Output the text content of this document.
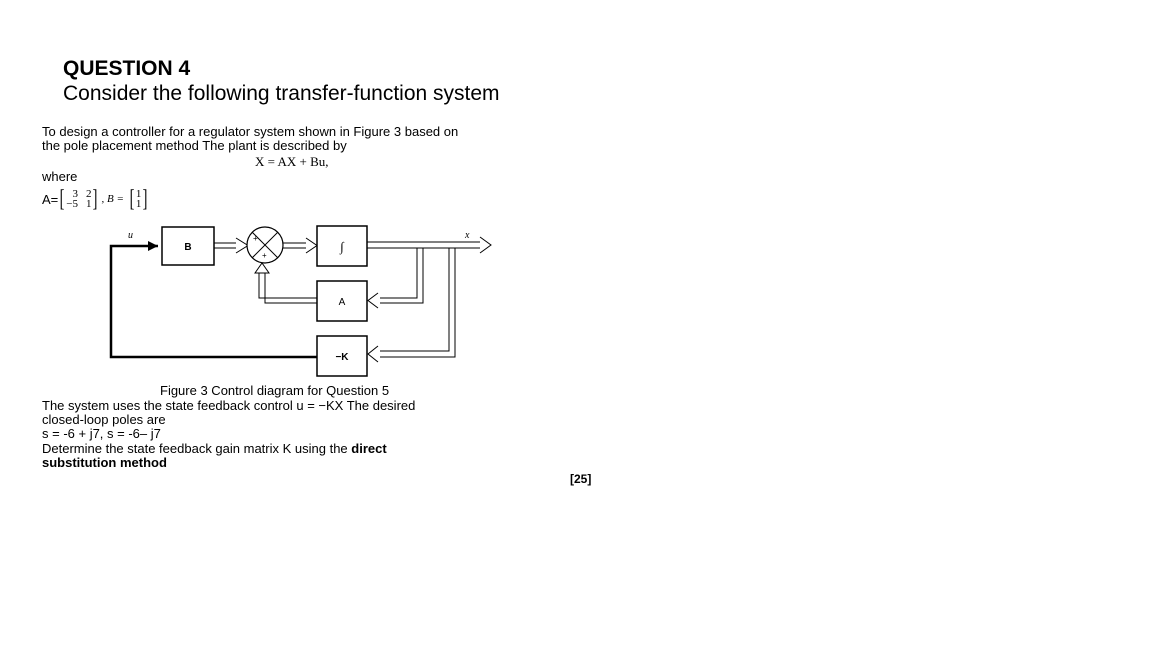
QUESTION 4
Consider the following transfer-function system
To design a controller for a regulator system shown in Figure 3 based on
the pole placement method The plant is described by
X = AX + Bu,
where
A= [ 3 2
−5 1 ] , B = [ 1
1 ]
u
B
+
+
∫
x
A
−K
Figure 3 Control diagram for Question 5
The system uses the state feedback control u = −KX The desired
closed-loop poles are
s = -6 + j7, s = -6– j7
Determine the state feedback gain matrix K using the direct
substitution method
[25]
